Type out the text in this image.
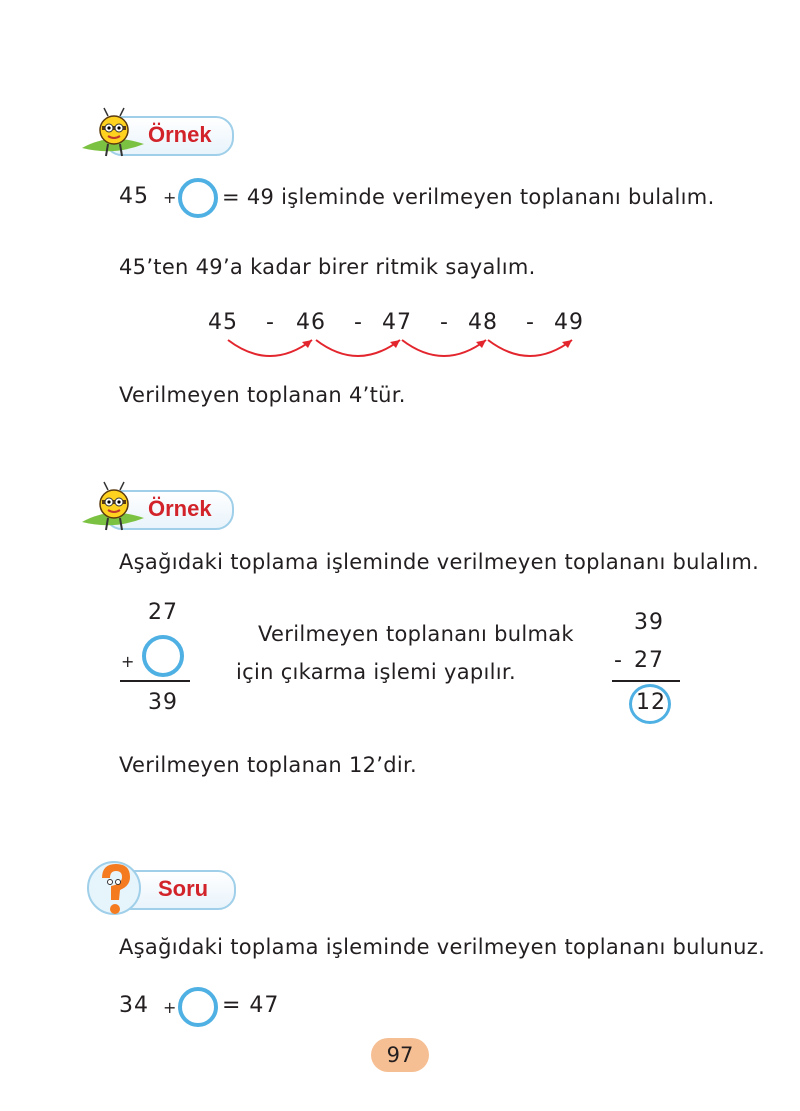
Örnek
45 + = 49 işleminde verilmeyen toplananı bulalım.
45’ten 49’a kadar birer ritmik sayalım.
45 - 46 - 47 - 48 - 49
Verilmeyen toplanan 4’tür.
Örnek
Aşağıdaki toplama işleminde verilmeyen toplananı bulalım.
27
+
39
Verilmeyen toplananı bulmak
için çıkarma işlemi yapılır.
39
- 27
12
Verilmeyen toplanan 12’dir.
Soru
Aşağıdaki toplama işleminde verilmeyen toplananı bulunuz.
34 + = 47
97
